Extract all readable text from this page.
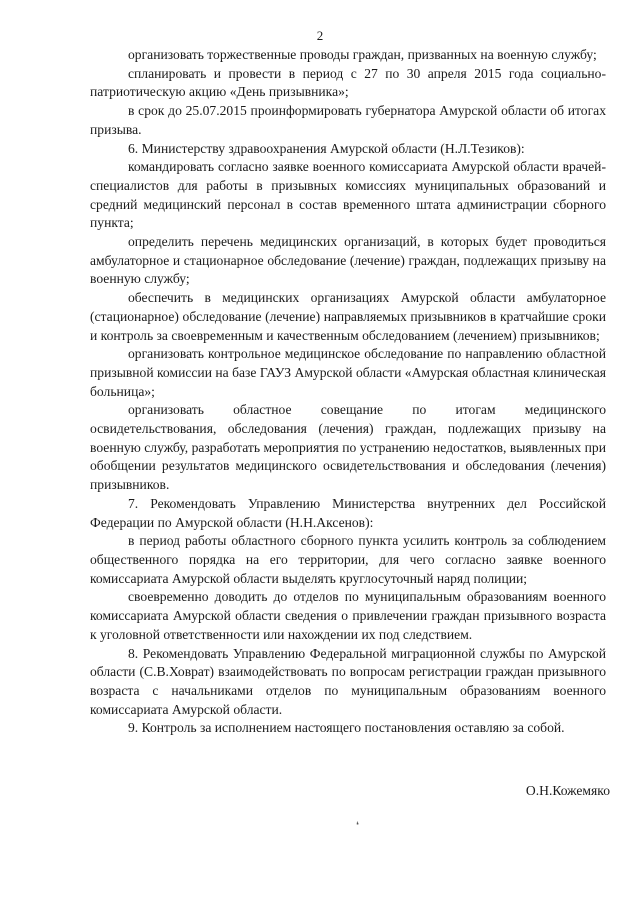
2

организовать торжественные проводы граждан, призванных на военную службу;

спланировать и провести в период с 27 по 30 апреля 2015 года социально-патриотическую акцию «День призывника»;

в срок до 25.07.2015 проинформировать губернатора Амурской области об итогах призыва.

6. Министерству здравоохранения Амурской области (Н.Л.Тезиков):

командировать согласно заявке военного комиссариата Амурской области врачей-специалистов для работы в призывных комиссиях муниципальных образований и средний медицинский персонал в состав временного штата администрации сборного пункта;

определить перечень медицинских организаций, в которых будет проводиться амбулаторное и стационарное обследование (лечение) граждан, подлежащих призыву на военную службу;

обеспечить в медицинских организациях Амурской области амбулаторное (стационарное) обследование (лечение) направляемых призывников в кратчайшие сроки и контроль за своевременным и качественным обследованием (лечением) призывников;

организовать контрольное медицинское обследование по направлению областной призывной комиссии на базе ГАУЗ Амурской области «Амурская областная клиническая больница»;

организовать областное совещание по итогам медицинского освидетельствования, обследования (лечения) граждан, подлежащих призыву на военную службу, разработать мероприятия по устранению недостатков, выявленных при обобщении результатов медицинского освидетельствования и обследования (лечения) призывников.

7. Рекомендовать Управлению Министерства внутренних дел Российской Федерации по Амурской области (Н.Н.Аксенов):

в период работы областного сборного пункта усилить контроль за соблюдением общественного порядка на его территории, для чего согласно заявке военного комиссариата Амурской области выделять круглосуточный наряд полиции;

своевременно доводить до отделов по муниципальным образованиям военного комиссариата Амурской области сведения о привлечении граждан призывного возраста к уголовной ответственности или нахождении их под следствием.

8. Рекомендовать Управлению Федеральной миграционной службы по Амурской области (С.В.Ховрат) взаимодействовать по вопросам регистрации граждан призывного возраста с начальниками отделов по муниципальным образованиям военного комиссариата Амурской области.

9. Контроль за исполнением настоящего постановления оставляю за собой.

О.Н.Кожемяко
❛
